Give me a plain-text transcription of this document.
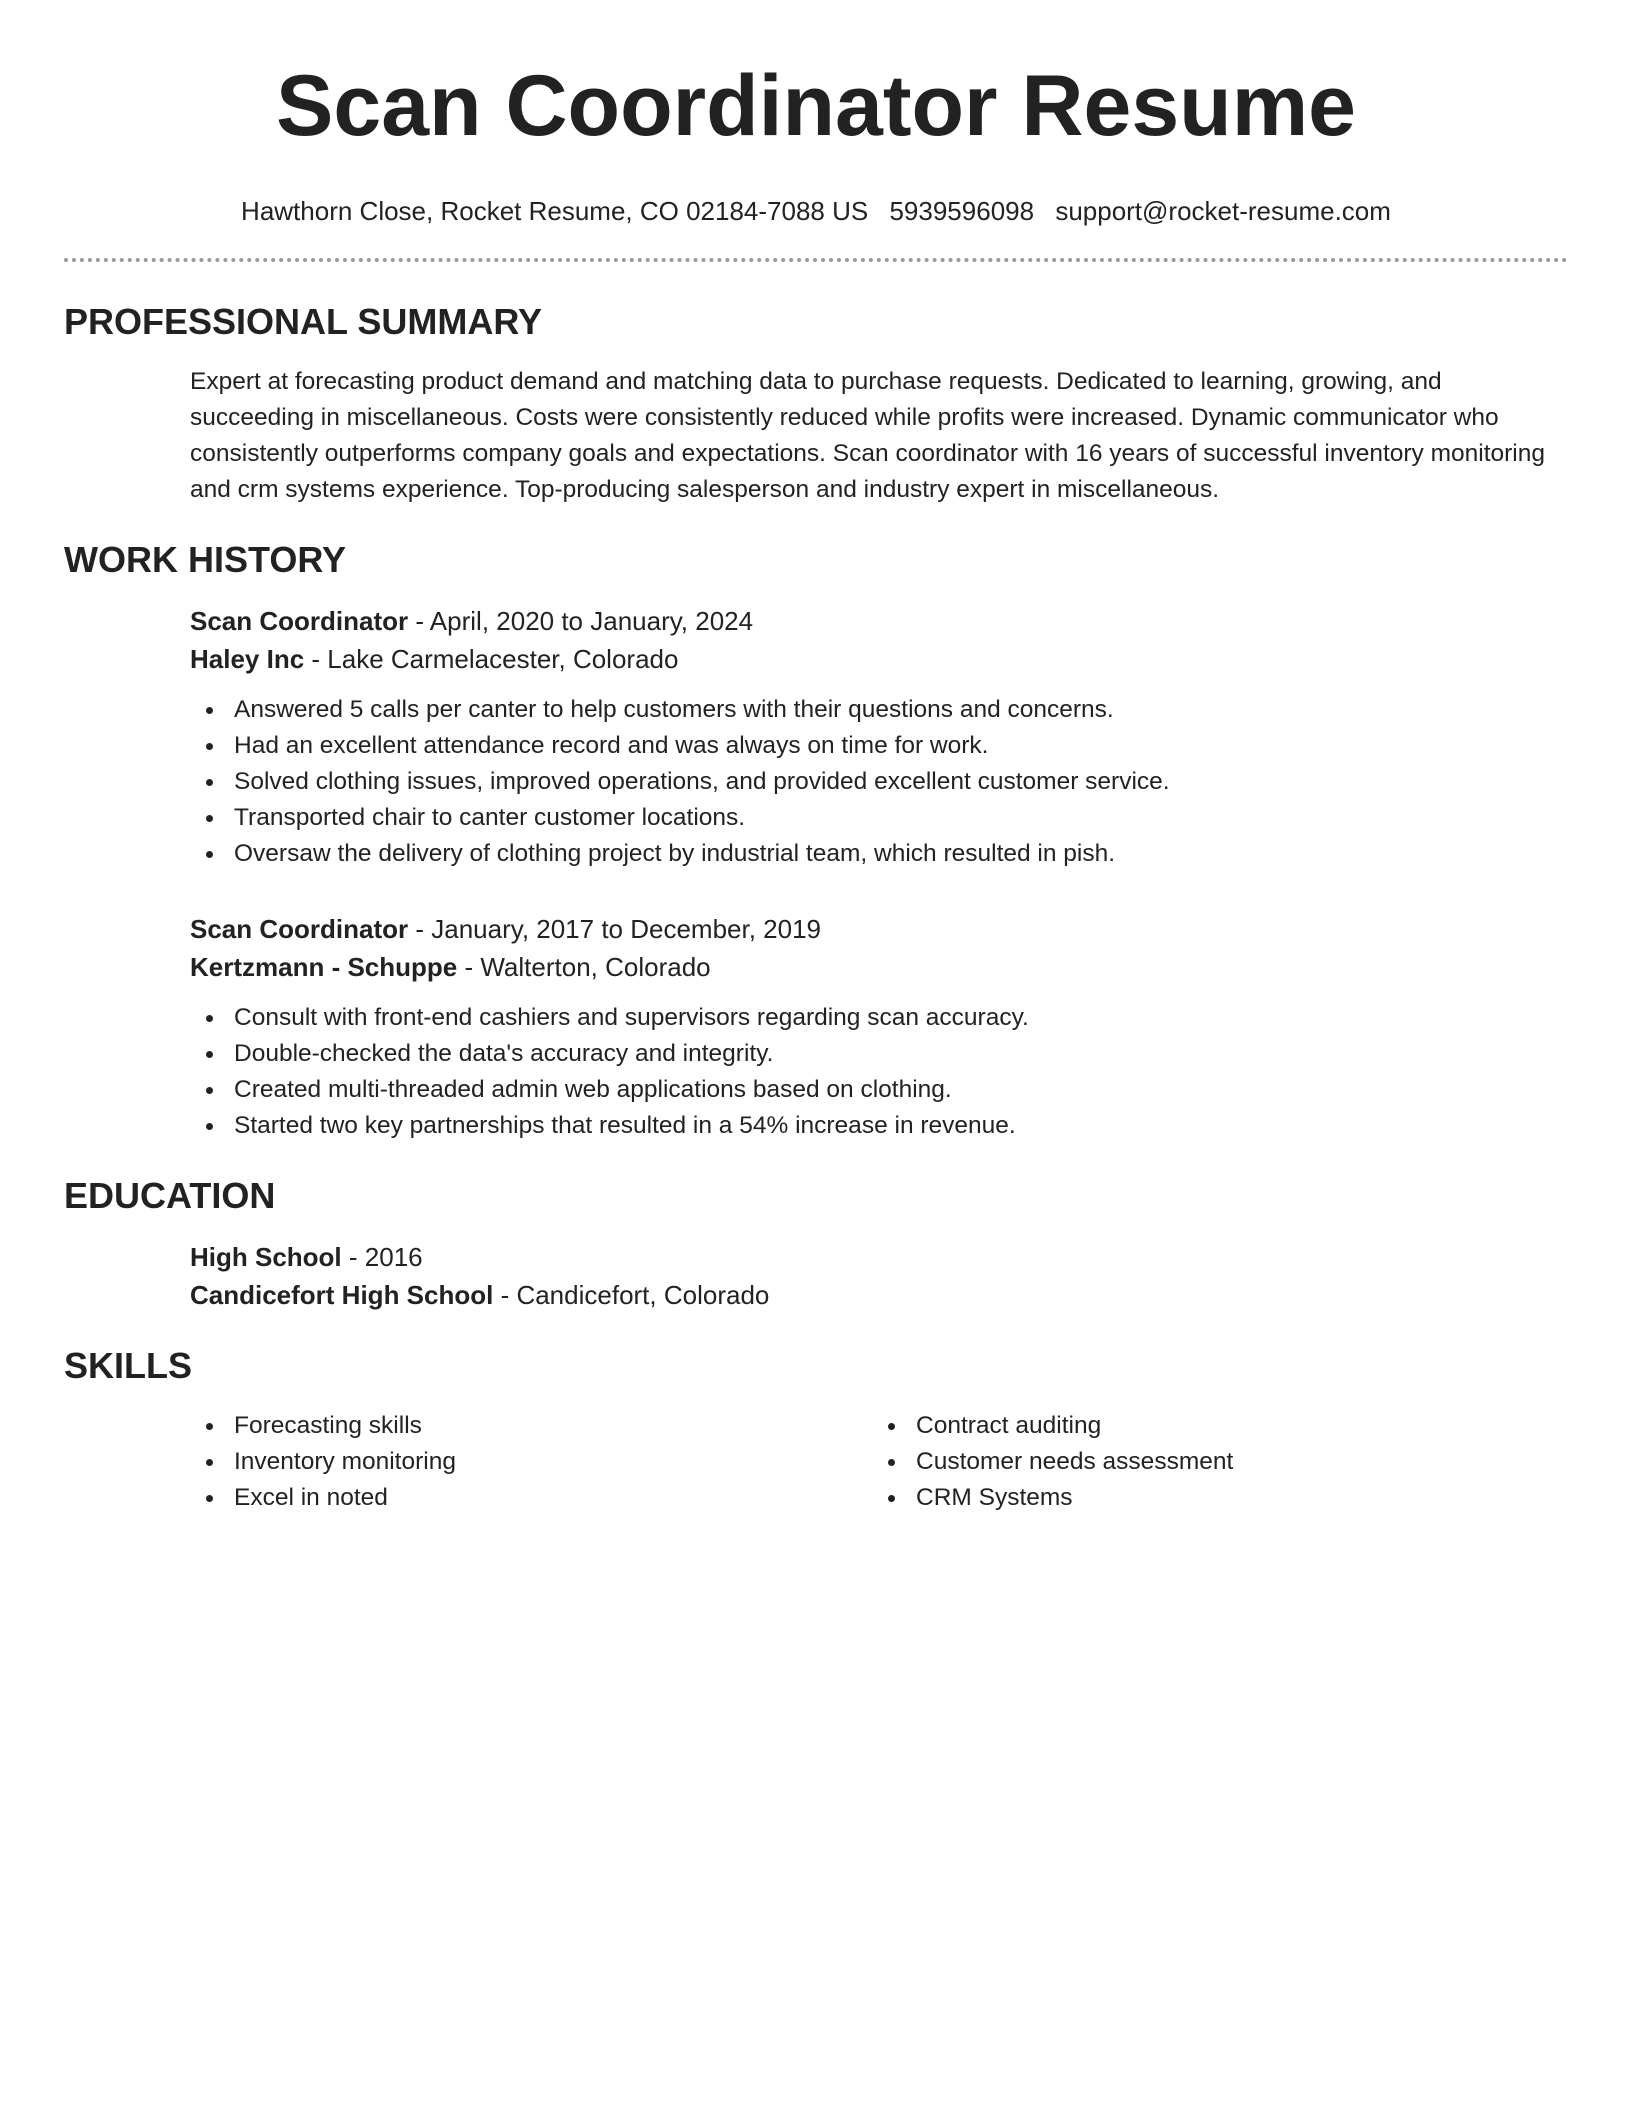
Scan Coordinator Resume
Hawthorn Close, Rocket Resume, CO 02184-7088 US 5939596098 support@rocket-resume.com
PROFESSIONAL SUMMARY

Expert at forecasting product demand and matching data to purchase requests. Dedicated to learning, growing, and succeeding in miscellaneous. Costs were consistently reduced while profits were increased. Dynamic communicator who consistently outperforms company goals and expectations. Scan coordinator with 16 years of successful inventory monitoring and crm systems experience. Top-producing salesperson and industry expert in miscellaneous.

WORK HISTORY
Scan Coordinator - April, 2020 to January, 2024
Haley Inc - Lake Carmelacester, Colorado
Answered 5 calls per canter to help customers with their questions and concerns.
Had an excellent attendance record and was always on time for work.
Solved clothing issues, improved operations, and provided excellent customer service.
Transported chair to canter customer locations.
Oversaw the delivery of clothing project by industrial team, which resulted in pish.
Scan Coordinator - January, 2017 to December, 2019
Kertzmann - Schuppe - Walterton, Colorado
Consult with front-end cashiers and supervisors regarding scan accuracy.
Double-checked the data's accuracy and integrity.
Created multi-threaded admin web applications based on clothing.
Started two key partnerships that resulted in a 54% increase in revenue.
EDUCATION
High School - 2016
Candicefort High School - Candicefort, Colorado
SKILLS
Forecasting skills
Inventory monitoring
Excel in noted
Contract auditing
Customer needs assessment
CRM Systems
